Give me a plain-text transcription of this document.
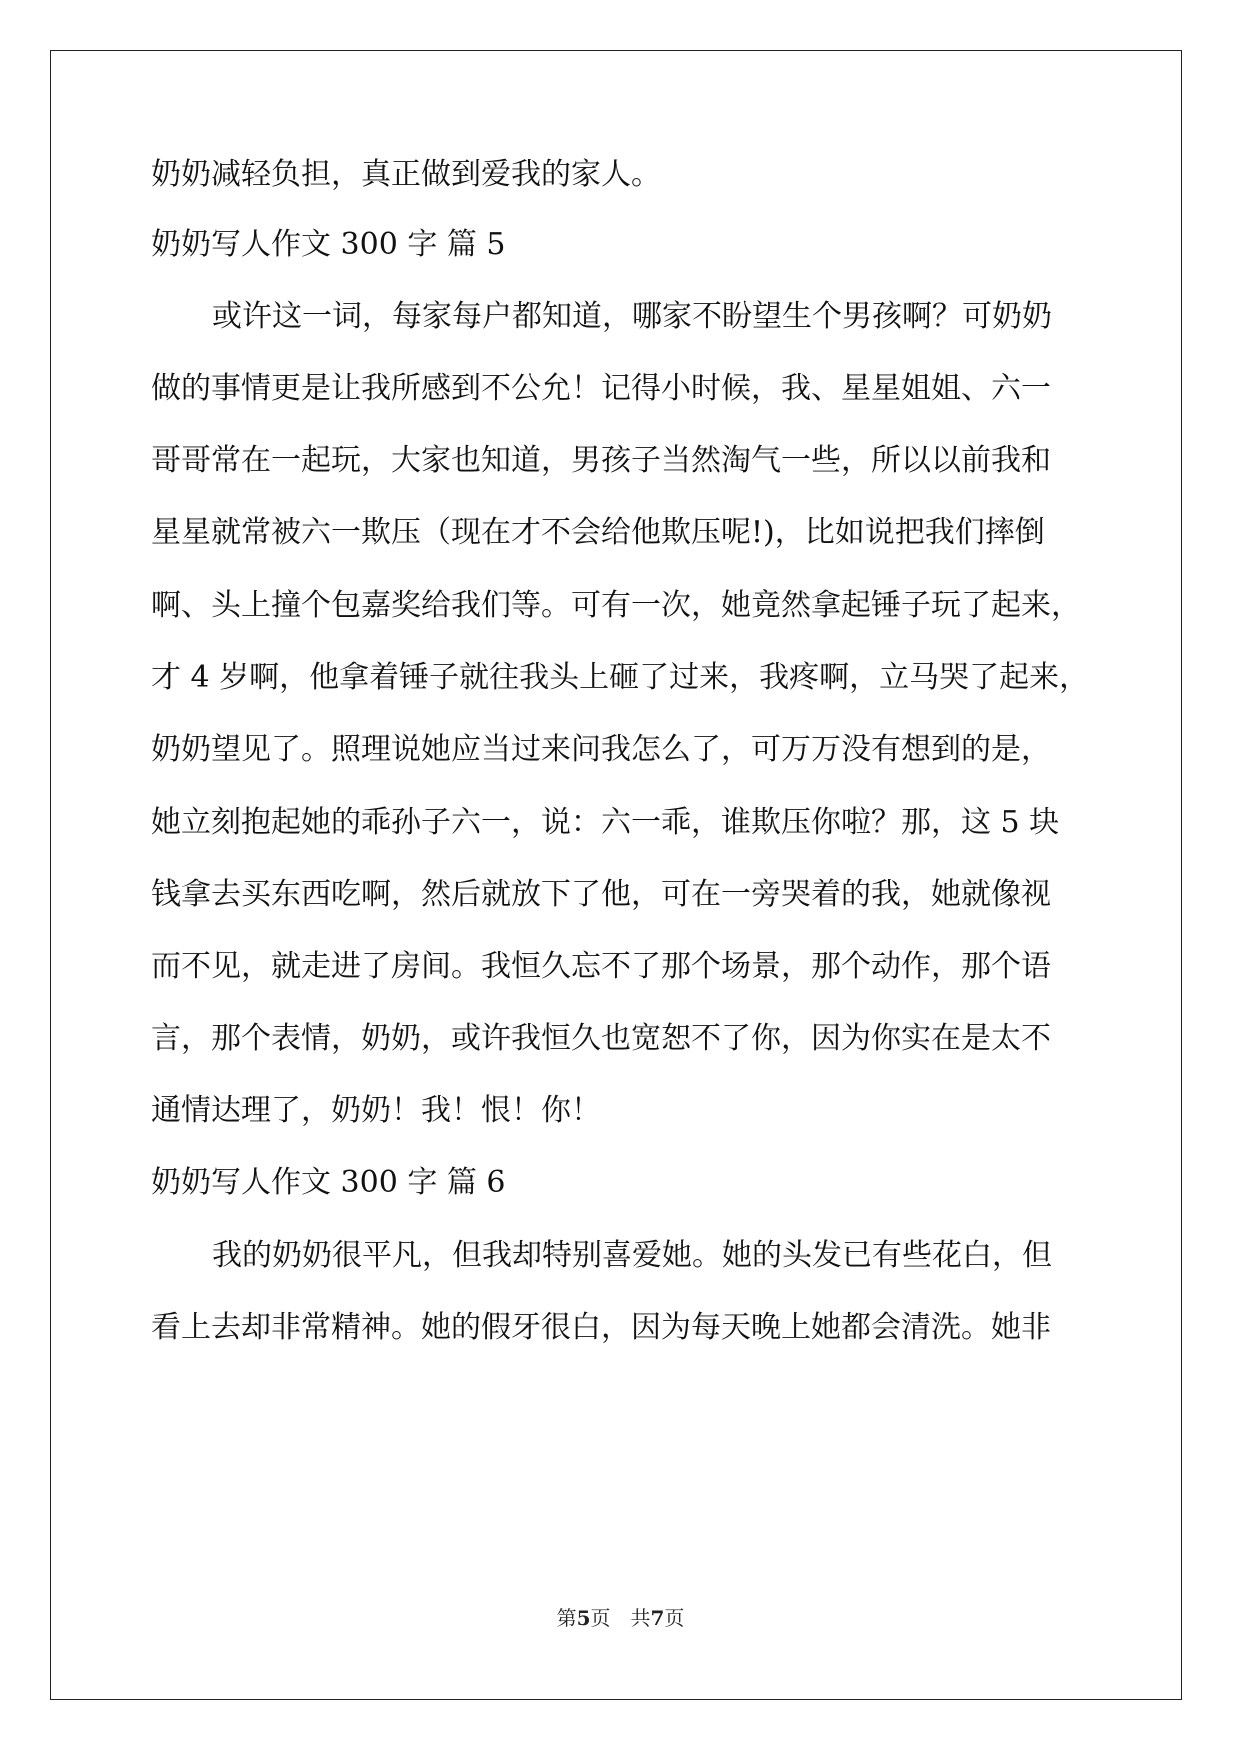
奶奶减轻负担，真正做到爱我的家人。
奶奶写人作文 300 字 篇 5
或许这一词，每家每户都知道，哪家不盼望生个男孩啊？可奶奶
做的事情更是让我所感到不公允！记得小时候，我、星星姐姐、六一
哥哥常在一起玩，大家也知道，男孩子当然淘气一些，所以以前我和
星星就常被六一欺压（现在才不会给他欺压呢!)，比如说把我们摔倒
啊、头上撞个包嘉奖给我们等。可有一次，她竟然拿起锤子玩了起来，
才 4 岁啊，他拿着锤子就往我头上砸了过来，我疼啊，立马哭了起来，
奶奶望见了。照理说她应当过来问我怎么了，可万万没有想到的是，
她立刻抱起她的乖孙子六一，说：六一乖，谁欺压你啦？那，这 5 块
钱拿去买东西吃啊，然后就放下了他，可在一旁哭着的我，她就像视
而不见，就走进了房间。我恒久忘不了那个场景，那个动作，那个语
言，那个表情，奶奶，或许我恒久也宽恕不了你，因为你实在是太不
通情达理了，奶奶！我！恨！你！
奶奶写人作文 300 字 篇 6
我的奶奶很平凡，但我却特别喜爱她。她的头发已有些花白，但
看上去却非常精神。她的假牙很白，因为每天晚上她都会清洗。她非
第5页 共7页
